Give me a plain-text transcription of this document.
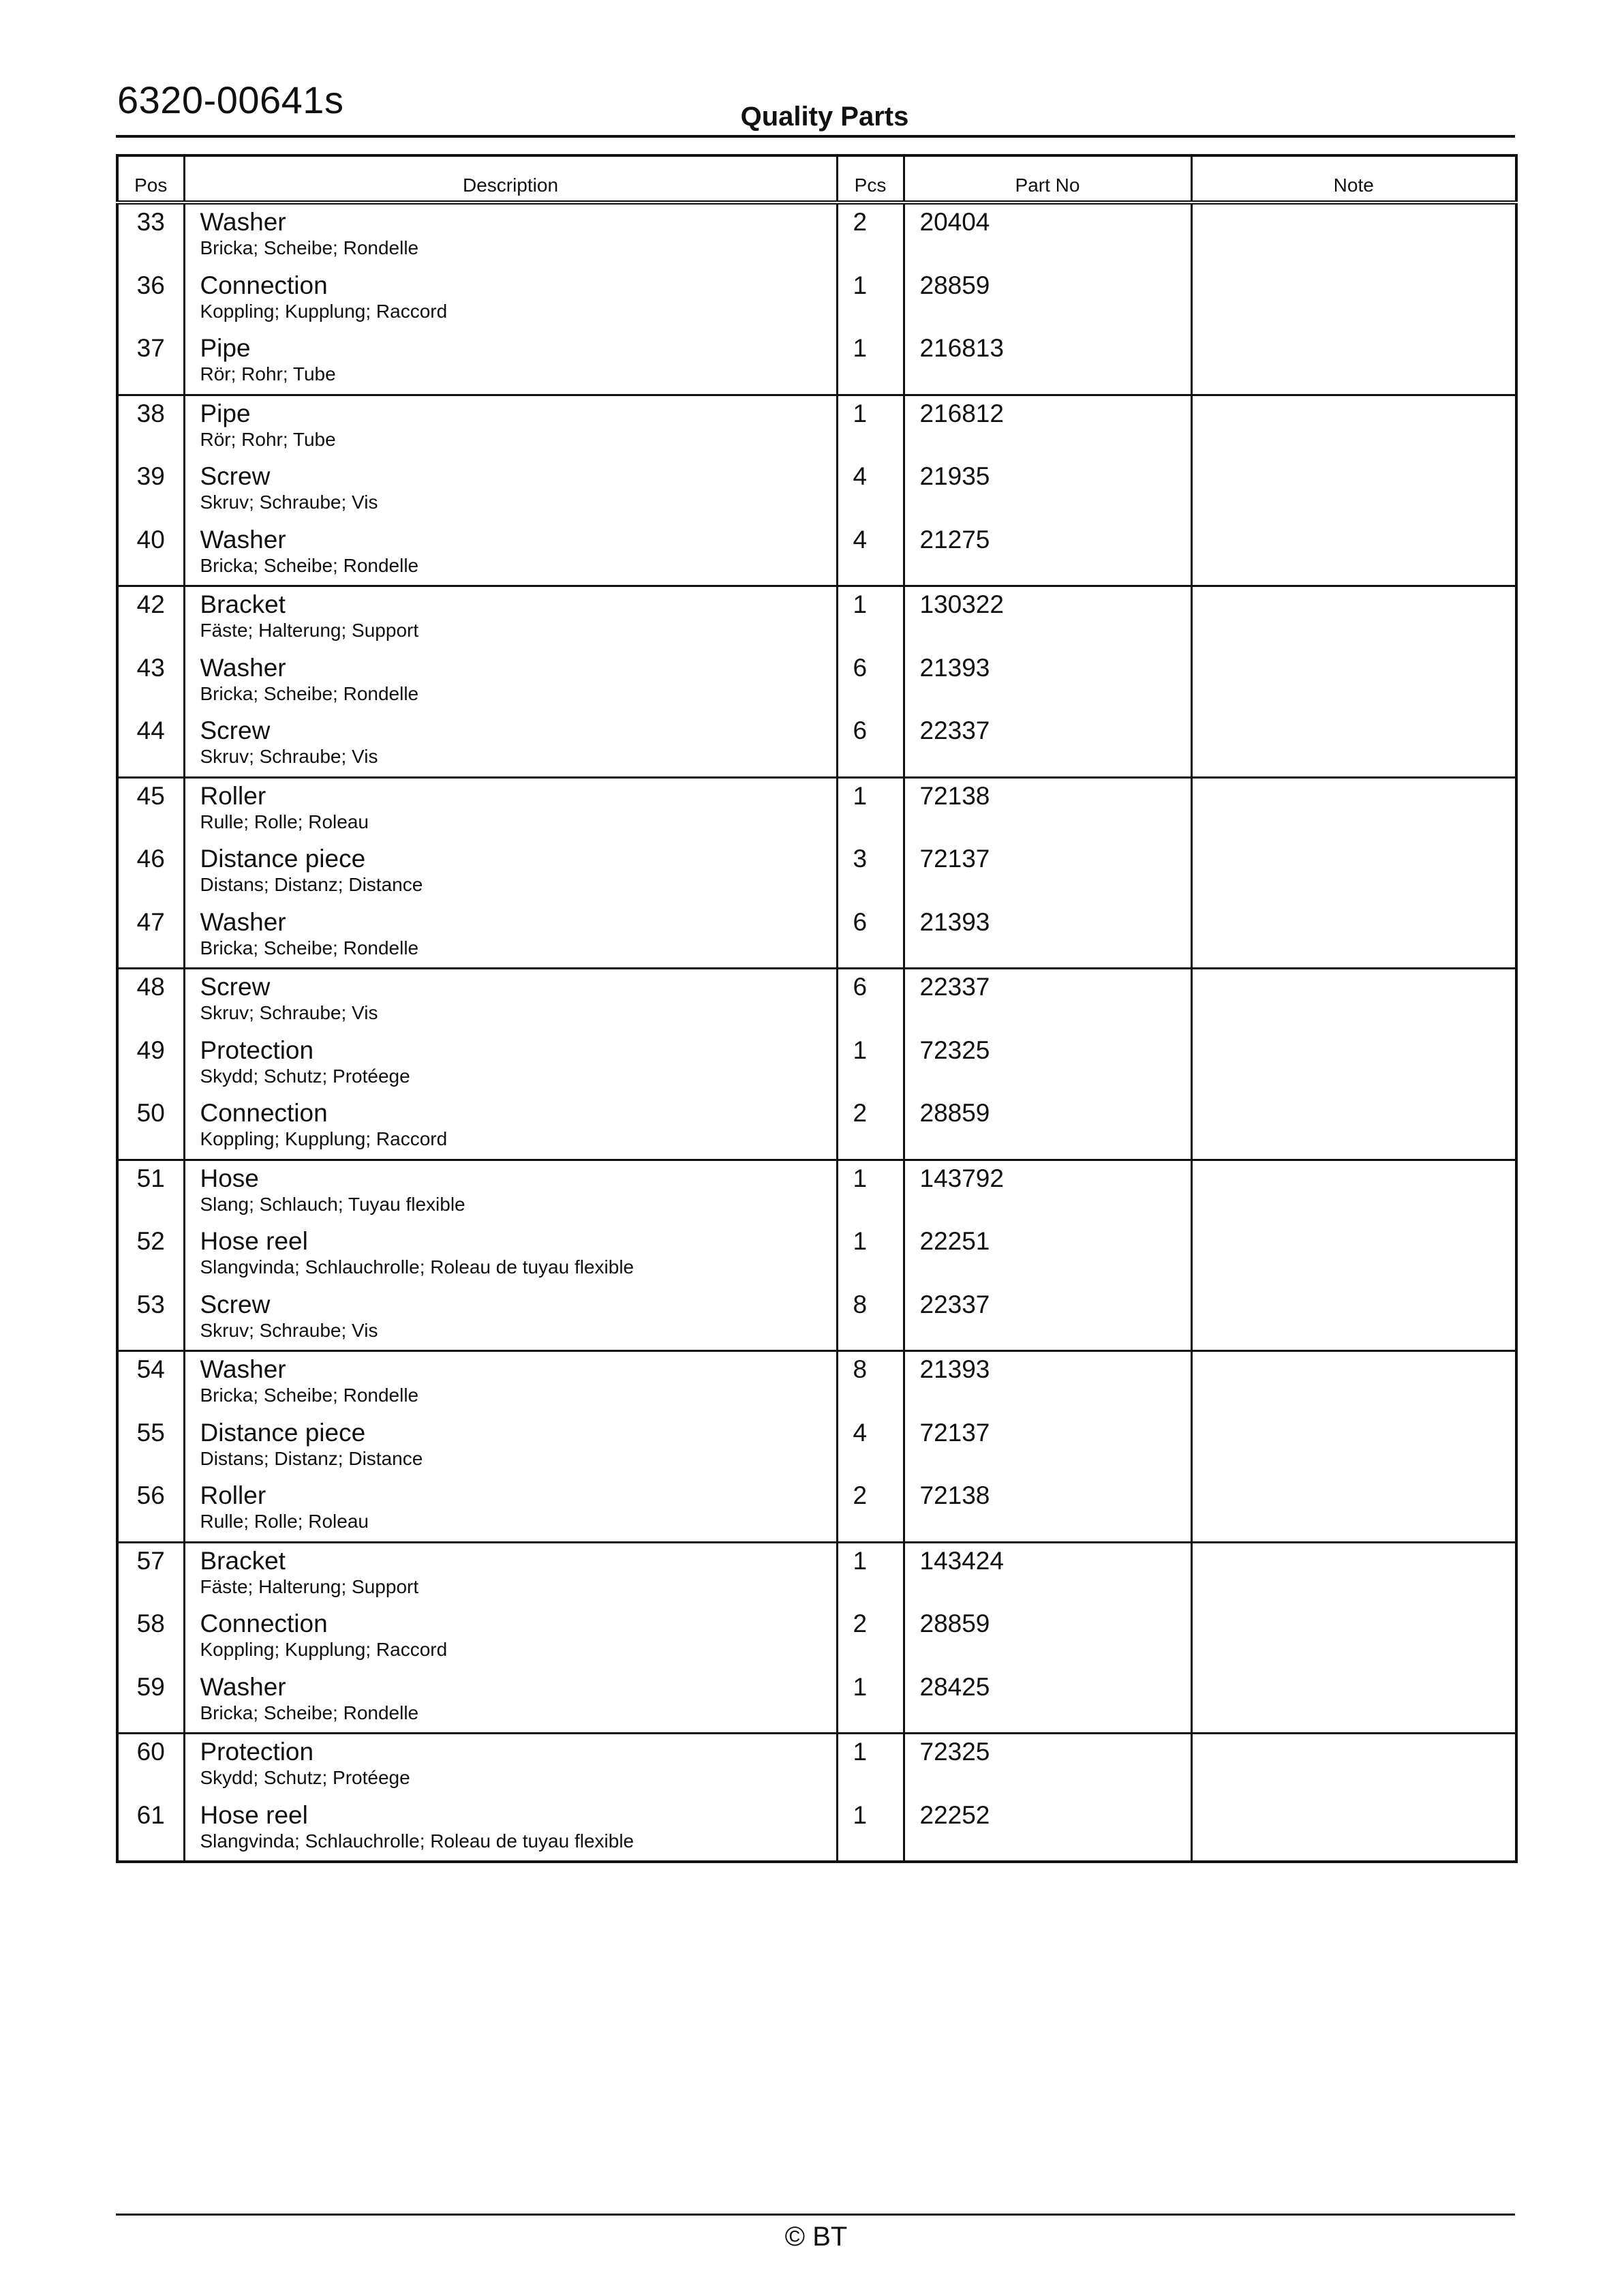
6320-00641s	Quality Parts
Pos	Description	Pcs	Part No	Note
33	Washer
Bricka; Scheibe; Rondelle	2	20404	
36	Connection
Koppling; Kupplung; Raccord	1	28859	
37	Pipe
Rör; Rohr; Tube	1	216813	
38	Pipe
Rör; Rohr; Tube	1	216812	
39	Screw
Skruv; Schraube; Vis	4	21935	
40	Washer
Bricka; Scheibe; Rondelle	4	21275	
42	Bracket
Fäste; Halterung; Support	1	130322	
43	Washer
Bricka; Scheibe; Rondelle	6	21393	
44	Screw
Skruv; Schraube; Vis	6	22337	
45	Roller
Rulle; Rolle; Roleau	1	72138	
46	Distance piece
Distans; Distanz; Distance	3	72137	
47	Washer
Bricka; Scheibe; Rondelle	6	21393	
48	Screw
Skruv; Schraube; Vis	6	22337	
49	Protection
Skydd; Schutz; Protéege	1	72325	
50	Connection
Koppling; Kupplung; Raccord	2	28859	
51	Hose
Slang; Schlauch; Tuyau flexible	1	143792	
52	Hose reel
Slangvinda; Schlauchrolle; Roleau de tuyau flexible	1	22251	
53	Screw
Skruv; Schraube; Vis	8	22337	
54	Washer
Bricka; Scheibe; Rondelle	8	21393	
55	Distance piece
Distans; Distanz; Distance	4	72137	
56	Roller
Rulle; Rolle; Roleau	2	72138	
57	Bracket
Fäste; Halterung; Support	1	143424	
58	Connection
Koppling; Kupplung; Raccord	2	28859	
59	Washer
Bricka; Scheibe; Rondelle	1	28425	
60	Protection
Skydd; Schutz; Protéege	1	72325	
61	Hose reel
Slangvinda; Schlauchrolle; Roleau de tuyau flexible	1	22252	
© BT
